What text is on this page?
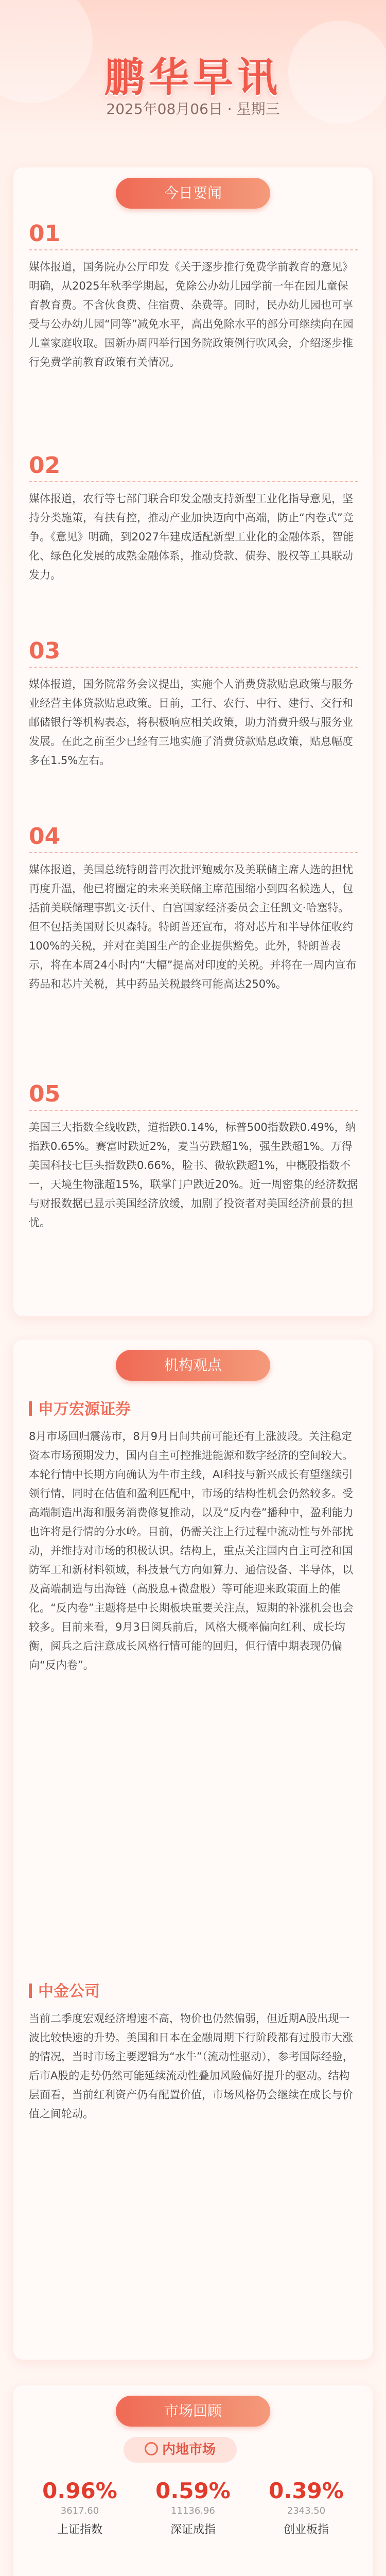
鹏华早讯
2025年08月06日 · 星期三
今日要闻
01
媒体报道，国务院办公厅印发《关于逐步推行免费学前教育的意见》明确，从2025年秋季学期起，免除公办幼儿园学前一年在园儿童保育教育费。不含伙食费、住宿费、杂费等。同时，民办幼儿园也可享受与公办幼儿园“同等”减免水平，高出免除水平的部分可继续向在园儿童家庭收取。国新办周四举行国务院政策例行吹风会，介绍逐步推行免费学前教育政策有关情况。
02
媒体报道，农行等七部门联合印发金融支持新型工业化指导意见，坚持分类施策，有扶有控，推动产业加快迈向中高端，防止“内卷式”竞争。《意见》明确，到2027年建成适配新型工业化的金融体系，智能化、绿色化发展的成熟金融体系，推动贷款、债券、股权等工具联动发力。
03
媒体报道，国务院常务会议提出，实施个人消费贷款贴息政策与服务业经营主体贷款贴息政策。目前，工行、农行、中行、建行、交行和邮储银行等机构表态，将积极响应相关政策，助力消费升级与服务业发展。在此之前至少已经有三地实施了消费贷款贴息政策，贴息幅度多在1.5%左右。
04
媒体报道，美国总统特朗普再次批评鲍威尔及美联储主席人选的担忧再度升温，他已将圈定的未来美联储主席范围缩小到四名候选人，包括前美联储理事凯文·沃什、白宫国家经济委员会主任凯文·哈塞特。但不包括美国财长贝森特。特朗普还宣布，将对芯片和半导体征收约100%的关税，并对在美国生产的企业提供豁免。此外，特朗普表示，将在本周24小时内“大幅”提高对印度的关税。并将在一周内宣布药品和芯片关税，其中药品关税最终可能高达250%。
05
美国三大指数全线收跌，道指跌0.14%，标普500指数跌0.49%，纳指跌0.65%。赛富时跌近2%，麦当劳跌超1%，强生跌超1%。万得美国科技七巨头指数跌0.66%，脸书、微软跌超1%，中概股指数不一，天境生物涨超15%，联掌门户跌近20%。近一周密集的经济数据与财报数据已显示美国经济放缓，加剧了投资者对美国经济前景的担忧。
机构观点
申万宏源证券
8月市场回归震荡市，8月9月日间共前可能还有上涨波段。关注稳定资本市场预期发力，国内自主可控推进能源和数字经济的空间较大。本轮行情中长期方向确认为牛市主线，AI科技与新兴成长有望继续引领行情，同时在估值和盈利匹配中，市场的结构性机会仍然较多。受高端制造出海和服务消费修复推动，以及“反内卷”播种中，盈利能力也许将是行情的分水岭。目前，仍需关注上行过程中流动性与外部扰动，并维持对市场的积极认识。结构上，重点关注国内自主可控和国防军工和新材料领域，科技景气方向如算力、通信设备、半导体，以及高端制造与出海链（高股息+微盘股）等可能迎来政策面上的催化。“反内卷”主题将是中长期板块重要关注点，短期的补涨机会也会较多。目前来看，9月3日阅兵前后，风格大概率偏向红利、成长均衡，阅兵之后注意成长风格行情可能的回归，但行情中期表现仍偏向“反内卷”。
中金公司
当前二季度宏观经济增速不高，物价也仍然偏弱，但近期A股出现一波比较快速的升势。美国和日本在金融周期下行阶段都有过股市大涨的情况，当时市场主要逻辑为“水牛”（流动性驱动），参考国际经验，后市A股的走势仍然可能延续流动性叠加风险偏好提升的驱动。结构层面看，当前红利资产仍有配置价值，市场风格仍会继续在成长与价值之间轮动。
市场回顾
内地市场
0.96%
3617.60
上证指数
0.59%
11136.96
深证成指
0.39%
2343.50
创业板指
